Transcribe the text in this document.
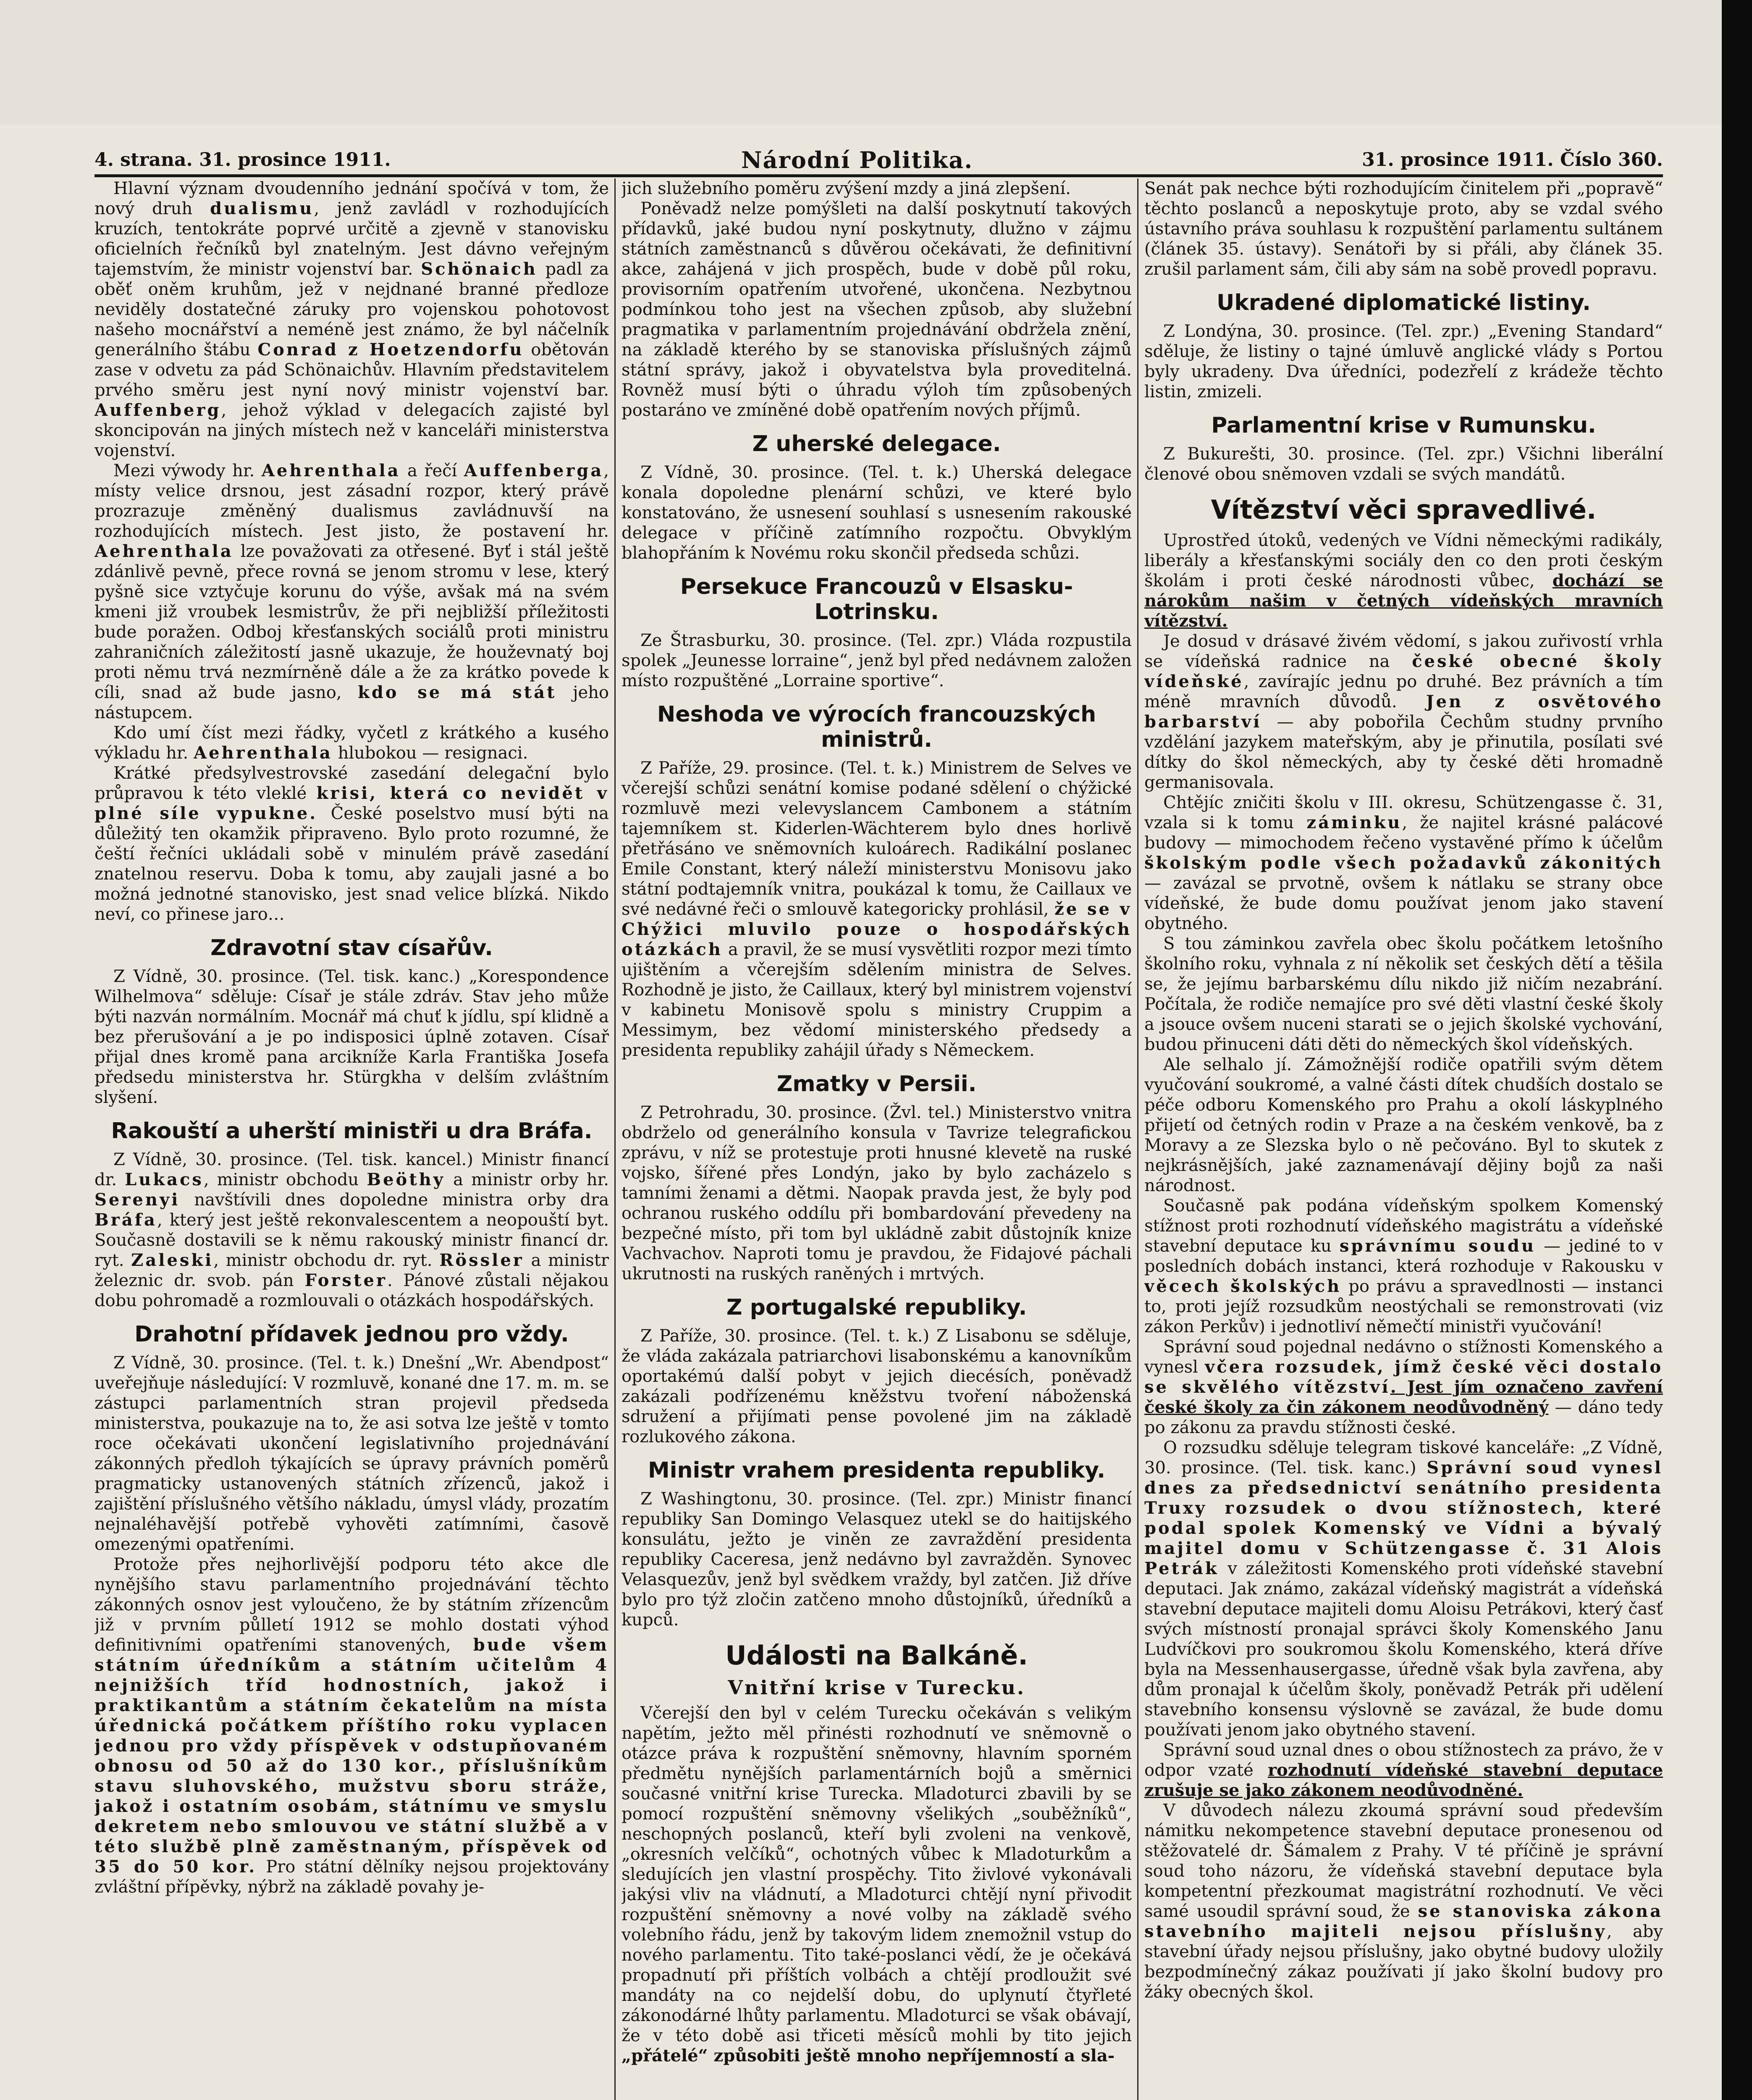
4. strana. 31. prosince 1911.	Národní Politika.	31. prosince 1911. Číslo 360.

Hlavní význam dvoudenního jednání spočívá v tom, že nový druh dualismu, jenž zavládl v rozhodujících kruzích, tentokráte poprvé určitě a zjevně v stanovisku oficielních řečníků byl znatelným. Jest dávno veřejným tajemstvím, že ministr vojenství bar. Schönaich padl za oběť oněm kruhům, jež v nejdnané branné předloze neviděly dostatečné záruky pro vojenskou pohotovost našeho mocnářství a neméně jest známo, že byl náčelník generálního štábu Conrad z Hoetzendorfu obětován zase v odvetu za pád Schönaichův. Hlavním představitelem prvého směru jest nyní nový ministr vojenství bar. Auffenberg, jehož výklad v delegacích zajisté byl skoncipován na jiných místech než v kanceláři ministerstva vojenství.

Mezi výwody hr. Aehrenthala a řečí Auffenberga, místy velice drsnou, jest zásadní rozpor, který právě prozrazuje změněný dualismus zavládnuvší na rozhodujících místech. Jest jisto, že postavení hr. Aehrenthala lze považovati za otřesené. Byť i stál ještě zdánlivě pevně, přece rovná se jenom stromu v lese, který pyšně sice vztyčuje korunu do výše, avšak má na svém kmeni již vroubek lesmistrův, že při nejbližší příležitosti bude poražen. Odboj křesťanských sociálů proti ministru zahraničních záležitostí jasně ukazuje, že houževnatý boj proti němu trvá nezmírněně dále a že za krátko povede k cíli, snad až bude jasno, kdo se má stát jeho nástupcem.

Kdo umí číst mezi řádky, vyčetl z krátkého a kusého výkladu hr. Aehrenthala hlubokou — resignaci.

Krátké předsylvestrovské zasedání delegační bylo průpravou k této vleklé krisi, která co nevidět v plné síle vypukne. České poselstvo musí býti na důležitý ten okamžik připraveno. Bylo proto rozumné, že čeští řečníci ukládali sobě v minulém právě zasedání znatelnou reservu. Doba k tomu, aby zaujali jasné a bo možná jednotné stanovisko, jest snad velice blízká. Nikdo neví, co přinese jaro…

Zdravotní stav císařův.

Z Vídně, 30. prosince. (Tel. tisk. kanc.) „Korespondence Wilhelmova“ sděluje: Císař je stále zdráv. Stav jeho může býti nazván normálním. Mocnář má chuť k jídlu, spí klidně a bez přerušování a je po indisposici úplně zotaven. Císař přijal dnes kromě pana arcikníže Karla Františka Josefa předsedu ministerstva hr. Stürgkha v delším zvláštním slyšení.

Rakouští a uherští ministři u dra Bráfa.

Z Vídně, 30. prosince. (Tel. tisk. kancel.) Ministr financí dr. Lukacs, ministr obchodu Beöthy a ministr orby hr. Serenyi navštívili dnes dopoledne ministra orby dra Bráfa, který jest ještě rekonvalescentem a neopouští byt. Současně dostavili se k němu rakouský ministr financí dr. ryt. Zaleski, ministr obchodu dr. ryt. Rössler a ministr železnic dr. svob. pán Forster. Pánové zůstali nějakou dobu pohromadě a rozmlouvali o otázkách hospodářských.

Drahotní přídavek jednou pro vždy.

Z Vídně, 30. prosince. (Tel. t. k.) Dnešní „Wr. Abendpost“ uveřejňuje následující: V rozmluvě, konané dne 17. m. m. se zástupci parlamentních stran projevil předseda ministerstva, poukazuje na to, že asi sotva lze ještě v tomto roce očekávati ukončení legislativního projednávání zákonných předloh týkajících se úpravy právních poměrů pragmaticky ustanovených státních zřízenců, jakož i zajištění příslušného většího nákladu, úmysl vlády, prozatím nejnaléhavější potřebě vyhověti zatímními, časově omezenými opatřeními.

Protože přes nejhorlivější podporu této akce dle nynějšího stavu parlamentního projednávání těchto zákonných osnov jest vyloučeno, že by státním zřízencům již v prvním půlletí 1912 se mohlo dostati výhod definitivními opatřeními stanovených, bude všem státním úředníkům a státním učitelům 4 nejnižších tříd hodnostních, jakož i praktikantům a státním čekatelům na místa úřednická počátkem příštího roku vyplacen jednou pro vždy příspěvek v odstupňovaném obnosu od 50 až do 130 kor., příslušníkům stavu sluhovského, mužstvu sboru stráže, jakož i ostatním osobám, státnímu ve smyslu dekretem nebo smlouvou ve státní službě a v této službě plně zaměstnaným, příspěvek od 35 do 50 kor. Pro státní dělníky nejsou projektovány zvláštní přípěvky, nýbrž na základě povahy je-

jich služebního poměru zvýšení mzdy a jiná zlepšení.

Poněvadž nelze pomýšleti na další poskytnutí takových přídavků, jaké budou nyní poskytnuty, dlužno v zájmu státních zaměstnanců s důvěrou očekávati, že definitivní akce, zahájená v jich prospěch, bude v době půl roku, provisorním opatřením utvořené, ukončena. Nezbytnou podmínkou toho jest na všechen způsob, aby služební pragmatika v parlamentním projednávání obdržela znění, na základě kterého by se stanoviska příslušných zájmů státní správy, jakož i obyvatelstva byla proveditelná. Rovněž musí býti o úhradu výloh tím způsobených postaráno ve zmíněné době opatřením nových příjmů.

Z uherské delegace.

Z Vídně, 30. prosince. (Tel. t. k.) Uherská delegace konala dopoledne plenární schůzi, ve které bylo konstatováno, že usnesení souhlasí s usnesením rakouské delegace v příčině zatímního rozpočtu. Obvyklým blahopřáním k Novému roku skončil předseda schůzi.

Persekuce Francouzů v Elsasku-Lotrinsku.

Ze Štrasburku, 30. prosince. (Tel. zpr.) Vláda rozpustila spolek „Jeunesse lorraine“, jenž byl před nedávnem založen místo rozpuštěné „Lorraine sportive“.

Neshoda ve výrocích francouzských ministrů.

Z Paříže, 29. prosince. (Tel. t. k.) Ministrem de Selves ve včerejší schůzi senátní komise podané sdělení o chýžické rozmluvě mezi velevyslancem Cambonem a státním tajemníkem st. Kiderlen-Wächterem bylo dnes horlivě přetřásáno ve sněmovních kuloárech. Radikální poslanec Emile Constant, který náleží ministerstvu Monisovu jako státní podtajemník vnitra, poukázal k tomu, že Caillaux ve své nedávné řeči o smlouvě kategoricky prohlásil, že se v Chýžici mluvilo pouze o hospodářských otázkách a pravil, že se musí vysvětliti rozpor mezi tímto ujištěním a včerejším sdělením ministra de Selves. Rozhodně je jisto, že Caillaux, který byl ministrem vojenství v kabinetu Monisově spolu s ministry Cruppim a Messimym, bez vědomí ministerského předsedy a presidenta republiky zahájil úřady s Německem.

Zmatky v Persii.

Z Petrohradu, 30. prosince. (Žvl. tel.) Ministerstvo vnitra obdrželo od generálního konsula v Tavrize telegrafickou zprávu, v níž se protestuje proti hnusné klevetě na ruské vojsko, šířené přes Londýn, jako by bylo zacházelo s tamními ženami a dětmi. Naopak pravda jest, že byly pod ochranou ruského oddílu při bombardování převedeny na bezpečné místo, při tom byl ukládně zabit důstojník knize Vachvachov. Naproti tomu je pravdou, že Fidajové páchali ukrutnosti na ruských raněných i mrtvých.

Z portugalské republiky.

Z Paříže, 30. prosince. (Tel. t. k.) Z Lisabonu se sděluje, že vláda zakázala patriarchovi lisabonskému a kanovníkům oportakémú další pobyt v jejich diecésích, poněvadž zakázali podřízenému kněžstvu tvoření náboženská sdružení a přijímati pense povolené jim na základě rozlukového zákona.

Ministr vrahem presidenta republiky.

Z Washingtonu, 30. prosince. (Tel. zpr.) Ministr financí republiky San Domingo Velasquez utekl se do haitijského konsulátu, ježto je viněn ze zavraždění presidenta republiky Caceresa, jenž nedávno byl zavražděn. Synovec Velasquezův, jenž byl svědkem vraždy, byl zatčen. Již dříve bylo pro týž zločin zatčeno mnoho důstojníků, úředníků a kupců.

Události na Balkáně.
Vnitřní krise v Turecku.

Včerejší den byl v celém Turecku očekáván s velikým napětím, ježto měl přinésti rozhodnutí ve sněmovně o otázce práva k rozpuštění sněmovny, hlavním sporném předmětu nynějších parlamentárních bojů a směrnici současné vnitřní krise Turecka. Mladoturci zbavili by se pomocí rozpuštění sněmovny všelikých „souběžníků“, neschopných poslanců, kteří byli zvoleni na venkově, „okresních velčíků“, ochotných vůbec k Mladoturkům a sledujících jen vlastní prospěchy. Tito živlové vykonávali jakýsi vliv na vládnutí, a Mladoturci chtějí nyní přivodit rozpuštění sněmovny a nové volby na základě svého volebního řádu, jenž by takovým lidem znemožnil vstup do nového parlamentu. Tito také-poslanci vědí, že je očekává propadnutí při příštích volbách a chtějí prodloužit své mandáty na co nejdelší dobu, do uplynutí čtyřleté zákonodárné lhůty parlamentu. Mladoturci se však obávají, že v této době asi třiceti měsíců mohli by tito jejich „přátelé“ způsobiti ještě mnoho nepříjemností a sla-

Senát pak nechce býti rozhodujícím činitelem při „popravě“ těchto poslanců a neposkytuje proto, aby se vzdal svého ústavního práva souhlasu k rozpuštění parlamentu sultánem (článek 35. ústavy). Senátoři by si přáli, aby článek 35. zrušil parlament sám, čili aby sám na sobě provedl popravu.

Ukradené diplomatické listiny.

Z Londýna, 30. prosince. (Tel. zpr.) „Evening Standard“ sděluje, že listiny o tajné úmluvě anglické vlády s Portou byly ukradeny. Dva úředníci, podezřelí z krádeže těchto listin, zmizeli.

Parlamentní krise v Rumunsku.

Z Bukurešti, 30. prosince. (Tel. zpr.) Všichni liberální členové obou sněmoven vzdali se svých mandátů.

Vítězství věci spravedlivé.

Uprostřed útoků, vedených ve Vídni německými radikály, liberály a křesťanskými sociály den co den proti českým školám i proti české národnosti vůbec, dochází se nárokům našim v četných vídeňských mravních vítězství.

Je dosud v drásavé živém vědomí, s jakou zuřivostí vrhla se vídeňská radnice na české obecné školy vídeňské, zavírajíc jednu po druhé. Bez právních a tím méně mravních důvodů. Jen z osvětového barbarství — aby pobořila Čechům studny prvního vzdělání jazykem mateřským, aby je přinutila, posílati své dítky do škol německých, aby ty české děti hromadně germanisovala.

Chtějíc zničiti školu v III. okresu, Schützengasse č. 31, vzala si k tomu záminku, že najitel krásné palácové budovy — mimochodem řečeno vystavěné přímo k účelům školským podle všech požadavků zákonitých — zavázal se prvotně, ovšem k nátlaku se strany obce vídeňské, že bude domu používat jenom jako stavení obytného.

S tou záminkou zavřela obec školu počátkem letošního školního roku, vyhnala z ní několik set českých dětí a těšila se, že jejímu barbarskému dílu nikdo již ničím nezabrání. Počítala, že rodiče nemajíce pro své děti vlastní české školy a jsouce ovšem nuceni starati se o jejich školské vychování, budou přinuceni dáti děti do německých škol vídeňských.

Ale selhalo jí. Zámožnější rodiče opatřili svým dětem vyučování soukromé, a valné části dítek chudších dostalo se péče odboru Komenského pro Prahu a okolí láskyplného přijetí od četných rodin v Praze a na českém venkově, ba z Moravy a ze Slezska bylo o ně pečováno. Byl to skutek z nejkrásnějších, jaké zaznamenávají dějiny bojů za naši národnost.

Současně pak podána vídeňským spolkem Komenský stížnost proti rozhodnutí vídeňského magistrátu a vídeňské stavební deputace ku správnímu soudu — jediné to v posledních dobách instanci, která rozhoduje v Rakousku v věcech školských po právu a spravedlnosti — instanci to, proti jejíž rozsudkům neostýchali se remonstrovati (viz zákon Perkův) i jednotliví němečtí ministři vyučování!

Správní soud pojednal nedávno o stížnosti Komenského a vynesl včera rozsudek, jímž české věci dostalo se skvělého vítězství. Jest jím označeno zavření české školy za čin zákonem neodůvodněný — dáno tedy po zákonu za pravdu stížnosti české.

O rozsudku sděluje telegram tiskové kanceláře: „Z Vídně, 30. prosince. (Tel. tisk. kanc.) Správní soud vynesl dnes za předsednictví senátního presidenta Truxy rozsudek o dvou stížnostech, které podal spolek Komenský ve Vídni a bývalý majitel domu v Schützengasse č. 31 Alois Petrák v záležitosti Komenského proti vídeňské stavební deputaci. Jak známo, zakázal vídeňský magistrát a vídeňská stavební deputace majiteli domu Aloisu Petrákovi, který časť svých místností pronajal správci školy Komenského Janu Ludvíčkovi pro soukromou školu Komenského, která dříve byla na Messenhausergasse, úředně však byla zavřena, aby dům pronajal k účelům školy, poněvadž Petrák při udělení stavebního konsensu výslovně se zavázal, že bude domu používati jenom jako obytného stavení.

Správní soud uznal dnes o obou stížnostech za právo, že v odpor vzaté rozhodnutí vídeňské stavební deputace zrušuje se jako zákonem neodůvodněné.

V důvodech nálezu zkoumá správní soud především námitku nekompetence stavební deputace pronesenou od stěžovatelé dr. Šámalem z Prahy. V té příčině je správní soud toho názoru, že vídeňská stavební deputace byla kompetentní přezkoumat magistrátní rozhodnutí. Ve věci samé usoudil správní soud, že se stanoviska zákona stavebního majiteli nejsou příslušny, aby stavební úřady nejsou příslušny, jako obytné budovy uložily bezpodmínečný zákaz používati jí jako školní budovy pro žáky obecných škol.
